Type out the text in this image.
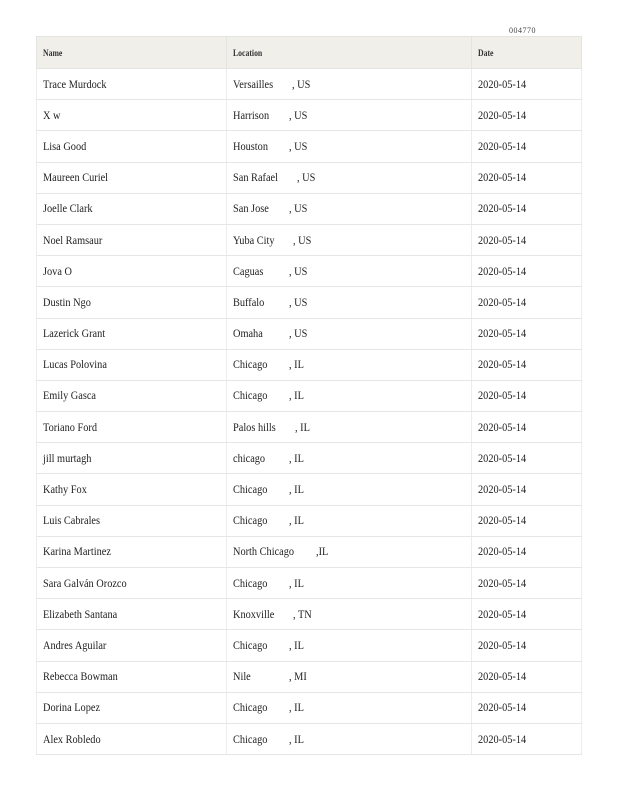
004770
Name	Location	Date
Trace Murdock	Versailles , US	2020-05-14
X w	Harrison , US	2020-05-14
Lisa Good	Houston , US	2020-05-14
Maureen Curiel	San Rafael , US	2020-05-14
Joelle Clark	San Jose , US	2020-05-14
Noel Ramsaur	Yuba City , US	2020-05-14
Jova O	Caguas , US	2020-05-14
Dustin Ngo	Buffalo , US	2020-05-14
Lazerick Grant	Omaha , US	2020-05-14
Lucas Polovina	Chicago , IL	2020-05-14
Emily Gasca	Chicago , IL	2020-05-14
Toriano Ford	Palos hills , IL	2020-05-14
jill murtagh	chicago , IL	2020-05-14
Kathy Fox	Chicago , IL	2020-05-14
Luis Cabrales	Chicago , IL	2020-05-14
Karina Martinez	North Chicago ,IL	2020-05-14
Sara Galván Orozco	Chicago , IL	2020-05-14
Elizabeth Santana	Knoxville , TN	2020-05-14
Andres Aguilar	Chicago , IL	2020-05-14
Rebecca Bowman	Nile , MI	2020-05-14
Dorina Lopez	Chicago , IL	2020-05-14
Alex Robledo	Chicago , IL	2020-05-14
